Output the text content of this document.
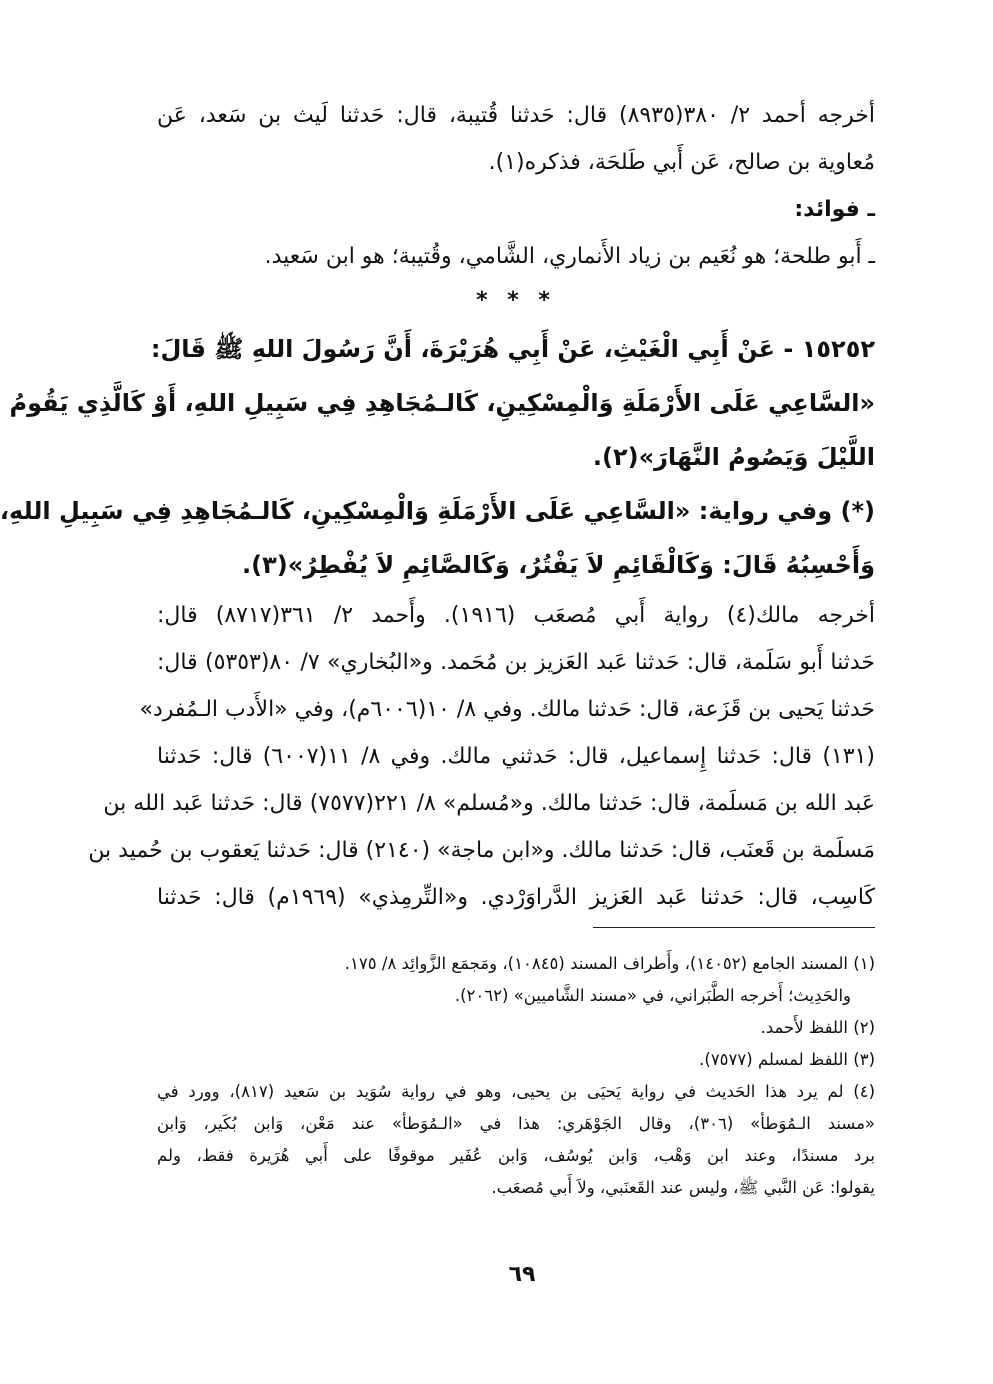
أخرجه أحمد ٢/ ٣٨٠(٨٩٣٥) قال: حَدثنا قُتيبة، قال: حَدثنا لَيث بن سَعد، عَن
مُعاوية بن صالح، عَن أَبي طَلحَة، فذكره(١).
ـ فوائد:
ـ أَبو طلحة؛ هو نُعَيم بن زياد الأَنماري، الشَّامي، وقُتيبة؛ هو ابن سَعيد.
* * *
١٥٢٥٢ - عَنْ أَبِي الْغَيْثِ، عَنْ أَبِي هُرَيْرَةَ، أَنَّ رَسُولَ اللهِ ﷺ قَالَ:
«السَّاعِي عَلَى الأَرْمَلَةِ وَالْمِسْكِينِ، كَالـمُجَاهِدِ فِي سَبِيلِ اللهِ، أَوْ كَالَّذِي يَقُومُ
اللَّيْلَ وَيَصُومُ النَّهَارَ»(٢).
(*) وفي رواية: «السَّاعِي عَلَى الأَرْمَلَةِ وَالْمِسْكِينِ، كَالـمُجَاهِدِ فِي سَبِيلِ اللهِ،
وَأَحْسِبُهُ قَالَ: وَكَالْقَائِمِ لاَ يَفْتُرُ، وَكَالصَّائِمِ لاَ يُفْطِرُ»(٣).
أخرجه مالك(٤) رواية أَبي مُصعَب (١٩١٦). وأَحمد ٢/ ٣٦١(٨٧١٧) قال:
حَدثنا أَبو سَلَمة، قال: حَدثنا عَبد العَزيز بن مُحَمد. و«البُخاري» ٧/ ٨٠(٥٣٥٣) قال:
حَدثنا يَحيى بن قَزَعة، قال: حَدثنا مالك. وفي ٨/ ١٠(٦٠٠٦م)، وفي «الأَدب الـمُفرد»
(١٣١) قال: حَدثنا إِسماعيل، قال: حَدثني مالك. وفي ٨/ ١١(٦٠٠٧) قال: حَدثنا
عَبد الله بن مَسلَمة، قال: حَدثنا مالك. و«مُسلم» ٨/ ٢٢١(٧٥٧٧) قال: حَدثنا عَبد الله بن
مَسلَمة بن قَعنَب، قال: حَدثنا مالك. و«ابن ماجة» (٢١٤٠) قال: حَدثنا يَعقوب بن حُميد بن
كَاسِب، قال: حَدثنا عَبد العَزيز الدَّراوَرْدي. و«التِّرمِذي» (١٩٦٩م) قال: حَدثنا
(١) المسند الجامع (١٤٠٥٢)، وأَطراف المسند (١٠٨٤٥)، ومَجمَع الزَّوائِد ٨/ ١٧٥.
والحَدِيث؛ أَخرجه الطَّبَراني، في «مسند الشَّاميين» (٢٠٦٢).
(٢) اللفظ لأَحمد.
(٣) اللفظ لمسلم (٧٥٧٧).
(٤) لم يرد هذا الحَديث في رواية يَحيَى بن يحيى، وهو في رواية سُوَيد بن سَعيد (٨١٧)، وورد في
«مسند الـمُوَطأ» (٣٠٦)، وقال الجَوْهَري: هذا في «الـمُوَطأ» عند مَعْن، وَابن بُكَير، وَابن
برد مسندًا، وعند ابن وَهْب، وَابن يُوسُف، وَابن عُفَير موقوفًا على أَبي هُرَيرة فقط، ولم
يقولوا: عَن النَّبي ﷺ، وليس عند القَعنَبي، ولاَ أَبي مُصعَب.
٦٩
